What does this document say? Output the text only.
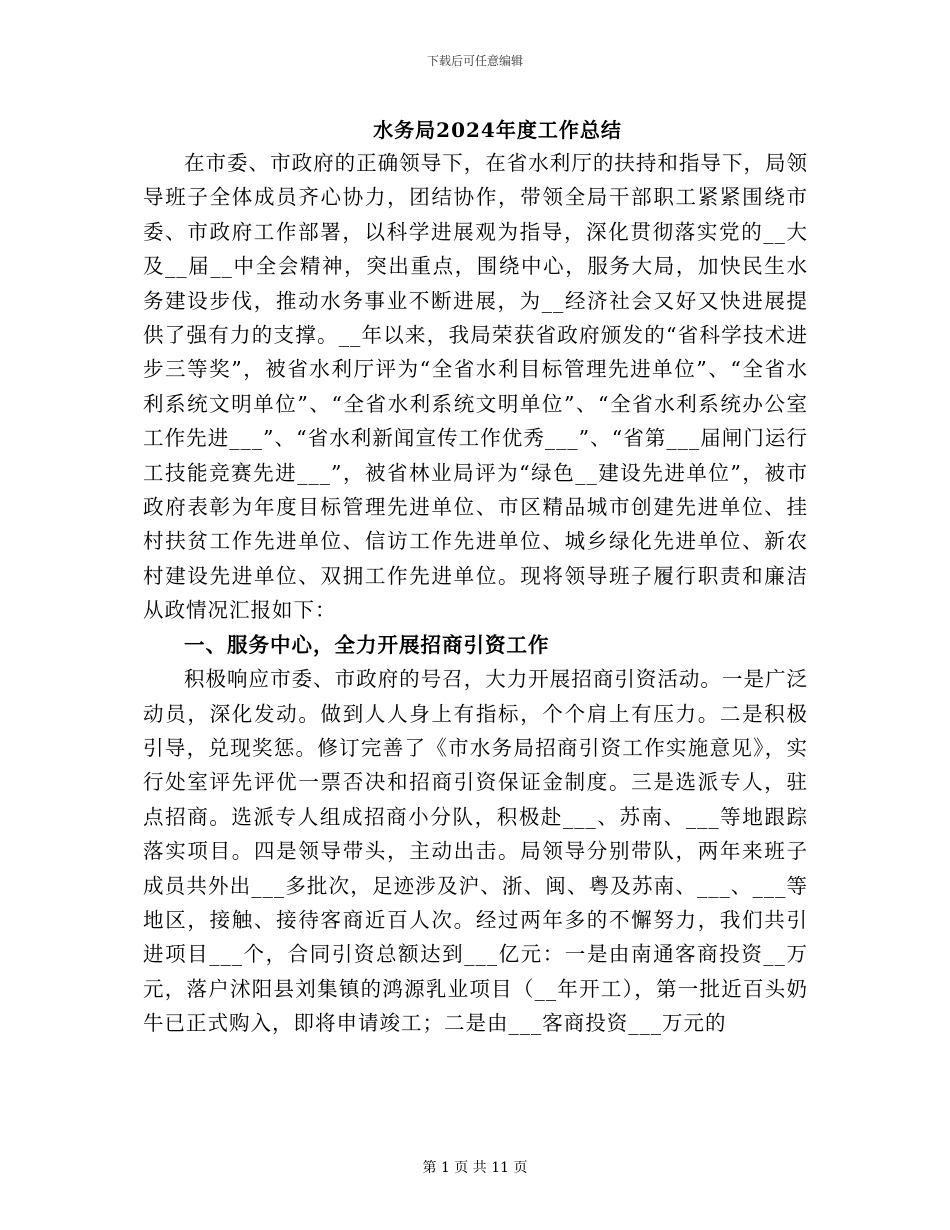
下载后可任意编辑
水务局2024年度工作总结

在市委、市政府的正确领导下，在省水利厅的扶持和指导下，局领导班子全体成员齐心协力，团结协作，带领全局干部职工紧紧围绕市委、市政府工作部署，以科学进展观为指导，深化贯彻落实党的__大及__届__中全会精神，突出重点，围绕中心，服务大局，加快民生水务建设步伐，推动水务事业不断进展，为__经济社会又好又快进展提供了强有力的支撑。__年以来，我局荣获省政府颁发的“省科学技术进步三等奖”，被省水利厅评为“全省水利目标管理先进单位”、“全省水利系统文明单位”、“全省水利系统文明单位”、“全省水利系统办公室工作先进___”、“省水利新闻宣传工作优秀___”、“省第___届闸门运行工技能竞赛先进___”，被省林业局评为“绿色__建设先进单位”，被市政府表彰为年度目标管理先进单位、市区精品城市创建先进单位、挂村扶贫工作先进单位、信访工作先进单位、城乡绿化先进单位、新农村建设先进单位、双拥工作先进单位。现将领导班子履行职责和廉洁从政情况汇报如下：

一、服务中心，全力开展招商引资工作

积极响应市委、市政府的号召，大力开展招商引资活动。一是广泛动员，深化发动。做到人人身上有指标，个个肩上有压力。二是积极引导，兑现奖惩。修订完善了《市水务局招商引资工作实施意见》，实行处室评先评优一票否决和招商引资保证金制度。三是选派专人，驻点招商。选派专人组成招商小分队，积极赴___、苏南、___等地跟踪落实项目。四是领导带头，主动出击。局领导分别带队，两年来班子成员共外出___多批次，足迹涉及沪、浙、闽、粤及苏南、___、___等地区，接触、接待客商近百人次。经过两年多的不懈努力，我们共引进项目___个，合同引资总额达到___亿元：一是由南通客商投资__万元，落户沭阳县刘集镇的鸿源乳业项目（__年开工），第一批近百头奶牛已正式购入，即将申请竣工；二是由___客商投资___万元的

第 1 页 共 11 页
